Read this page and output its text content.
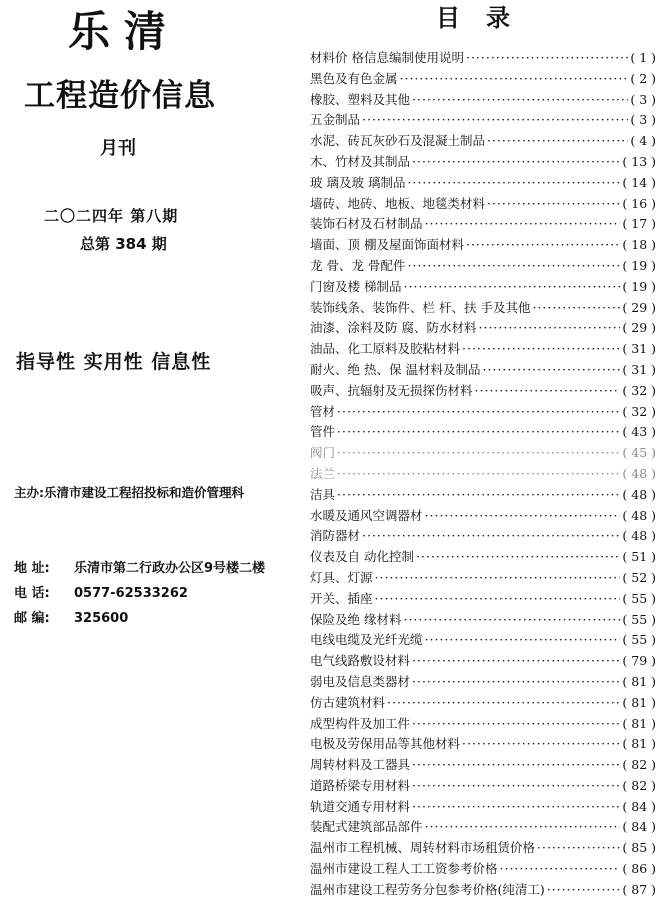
乐清
工程造价信息
月刊
二〇二四年 第八期
总第 384 期
指导性 实用性 信息性
主办:乐清市建设工程招投标和造价管理科
地 址: 乐清市第二行政办公区9号楼二楼
电 话: 0577-62533262
邮 编: 325600
目录
材料价 格信息编制使用说明 ·····	( 1 )
黑色及有色金属 ·····	( 2 )
橡胶、塑料及其他 ·····	( 3 )
五金制品 ·····	( 3 )
水泥、砖瓦灰砂石及混凝土制品 ·····	( 4 )
木、竹材及其制品 ·····	( 13 )
玻 璃及玻 璃制品 ·····	( 14 )
墙砖、地砖、地板、地毯类材料 ·····	( 16 )
装饰石材及石材制品 ·····	( 17 )
墙面、顶 棚及屋面饰面材料 ·····	( 18 )
龙 骨、龙 骨配件 ·····	( 19 )
门窗及楼 梯制品 ·····	( 19 )
装饰线条、装饰件、栏 杆、扶 手及其他 ·····	( 29 )
油漆、涂料及防 腐、防水材料 ·····	( 29 )
油品、化工原料及胶粘材料 ·····	( 31 )
耐火、绝 热、保 温材料及制品 ·····	( 31 )
吸声、抗辐射及无损探伤材料 ·····	( 32 )
管材 ·····	( 32 )
管件 ·····	( 43 )
阀门 ·····	( 45 )
法兰 ·····	( 48 )
洁具 ·····	( 48 )
水暖及通风空调器材 ·····	( 48 )
消防器材 ·····	( 48 )
仪表及自 动化控制 ·····	( 51 )
灯具、灯源 ·····	( 52 )
开关、插座 ·····	( 55 )
保险及绝 缘材料 ·····	( 55 )
电线电缆及光纤光缆 ·····	( 55 )
电气线路敷设材料 ·····	( 79 )
弱电及信息类器材 ·····	( 81 )
仿古建筑材料 ·····	( 81 )
成型构件及加工件 ·····	( 81 )
电极及劳保用品等其他材料 ·····	( 81 )
周转材料及工器具 ·····	( 82 )
道路桥梁专用材料 ·····	( 82 )
轨道交通专用材料 ·····	( 84 )
装配式建筑部品部件 ·····	( 84 )
温州市工程机械、周转材料市场租赁价格 ·····	( 85 )
温州市建设工程人工工资参考价格 ·····	( 86 )
温州市建设工程劳务分包参考价格(纯清工) ·····	( 87 )
